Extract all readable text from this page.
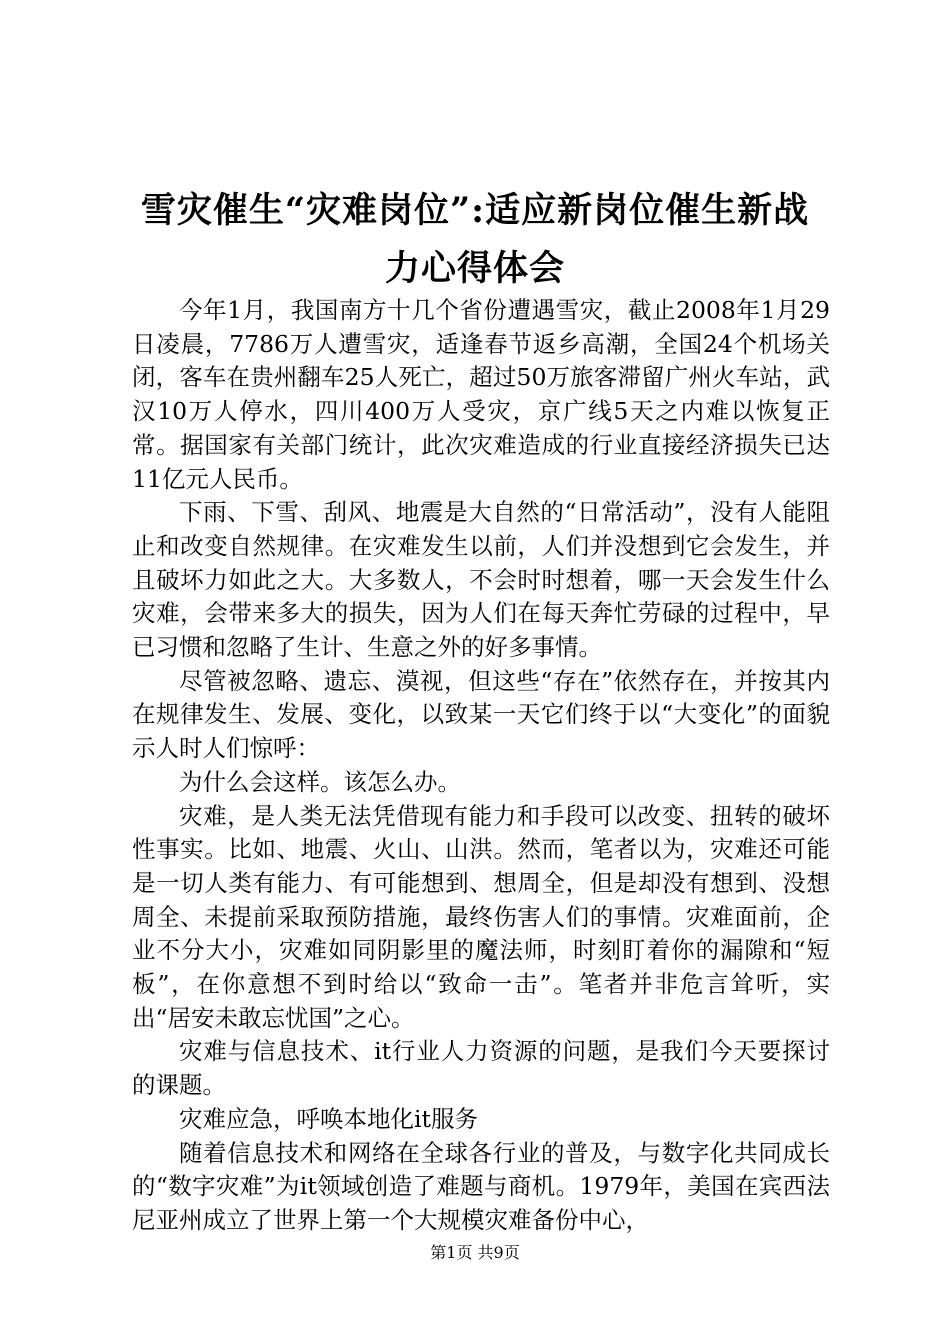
雪灾催生“灾难岗位”:适应新岗位催生新战
力心得体会

今年1月，我国南方十几个省份遭遇雪灾，截止2008年1月29日凌晨，7786万人遭雪灾，适逢春节返乡高潮，全国24个机场关闭，客车在贵州翻车25人死亡，超过50万旅客滞留广州火车站，武汉10万人停水，四川400万人受灾，京广线5天之内难以恢复正常。据国家有关部门统计，此次灾难造成的行业直接经济损失已达11亿元人民币。

下雨、下雪、刮风、地震是大自然的“日常活动”，没有人能阻止和改变自然规律。在灾难发生以前，人们并没想到它会发生，并且破坏力如此之大。大多数人，不会时时想着，哪一天会发生什么灾难，会带来多大的损失，因为人们在每天奔忙劳碌的过程中，早已习惯和忽略了生计、生意之外的好多事情。

尽管被忽略、遗忘、漠视，但这些“存在”依然存在，并按其内在规律发生、发展、变化，以致某一天它们终于以“大变化”的面貌示人时人们惊呼：

为什么会这样。该怎么办。

灾难，是人类无法凭借现有能力和手段可以改变、扭转的破坏性事实。比如、地震、火山、山洪。然而，笔者以为，灾难还可能是一切人类有能力、有可能想到、想周全，但是却没有想到、没想周全、未提前采取预防措施，最终伤害人们的事情。灾难面前，企业不分大小，灾难如同阴影里的魔法师，时刻盯着你的漏隙和“短板”，在你意想不到时给以“致命一击”。笔者并非危言耸听，实出“居安未敢忘忧国”之心。

灾难与信息技术、it行业人力资源的问题，是我们今天要探讨的课题。

灾难应急，呼唤本地化it服务

随着信息技术和网络在全球各行业的普及，与数字化共同成长的“数字灾难”为it领域创造了难题与商机。1979年，美国在宾西法尼亚州成立了世界上第一个大规模灾难备份中心，

第1页 共9页
